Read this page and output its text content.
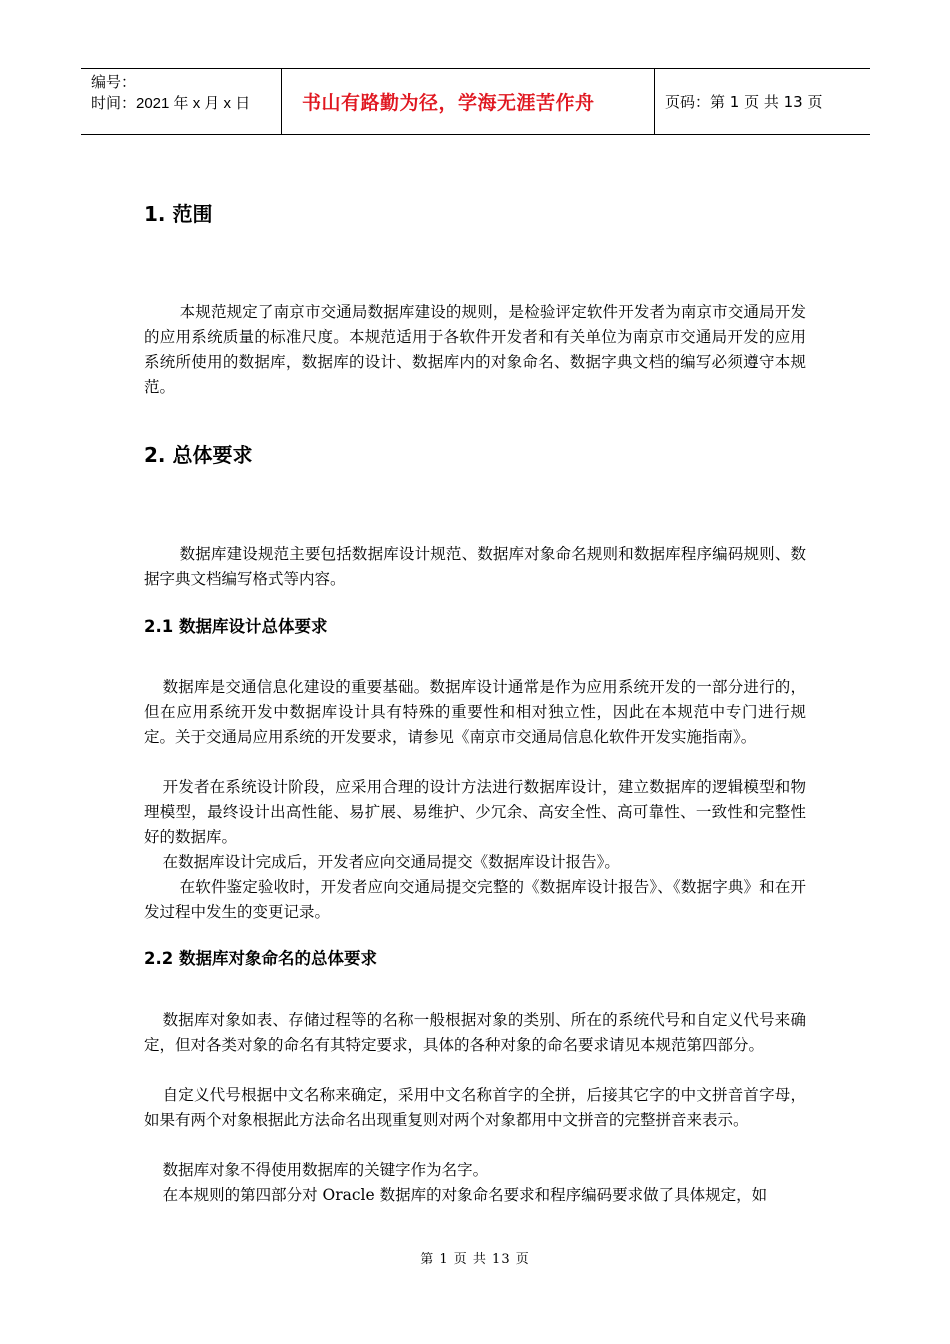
编号：
时间：2021 年 x 月 x 日	书山有路勤为径，学海无涯苦作舟	页码：第 1 页 共 13 页
1. 范围
本规范规定了南京市交通局数据库建设的规则，是检验评定软件开发者为南京市交通局开发的应用系统质量的标准尺度。本规范适用于各软件开发者和有关单位为南京市交通局开发的应用系统所使用的数据库，数据库的设计、数据库内的对象命名、数据字典文档的编写必须遵守本规范。
2. 总体要求
数据库建设规范主要包括数据库设计规范、数据库对象命名规则和数据库程序编码规则、数据字典文档编写格式等内容。
2.1 数据库设计总体要求
数据库是交通信息化建设的重要基础。数据库设计通常是作为应用系统开发的一部分进行的，但在应用系统开发中数据库设计具有特殊的重要性和相对独立性，因此在本规范中专门进行规定。关于交通局应用系统的开发要求，请参见《南京市交通局信息化软件开发实施指南》。
开发者在系统设计阶段，应采用合理的设计方法进行数据库设计，建立数据库的逻辑模型和物理模型，最终设计出高性能、易扩展、易维护、少冗余、高安全性、高可靠性、一致性和完整性好的数据库。
在数据库设计完成后，开发者应向交通局提交《数据库设计报告》。
在软件鉴定验收时，开发者应向交通局提交完整的《数据库设计报告》、《数据字典》和在开发过程中发生的变更记录。
2.2 数据库对象命名的总体要求
数据库对象如表、存储过程等的名称一般根据对象的类别、所在的系统代号和自定义代号来确定，但对各类对象的命名有其特定要求，具体的各种对象的命名要求请见本规范第四部分。
自定义代号根据中文名称来确定，采用中文名称首字的全拼，后接其它字的中文拼音首字母，如果有两个对象根据此方法命名出现重复则对两个对象都用中文拼音的完整拼音来表示。
数据库对象不得使用数据库的关键字作为名字。
在本规则的第四部分对 Oracle 数据库的对象命名要求和程序编码要求做了具体规定，如
第 1 页 共 13 页
